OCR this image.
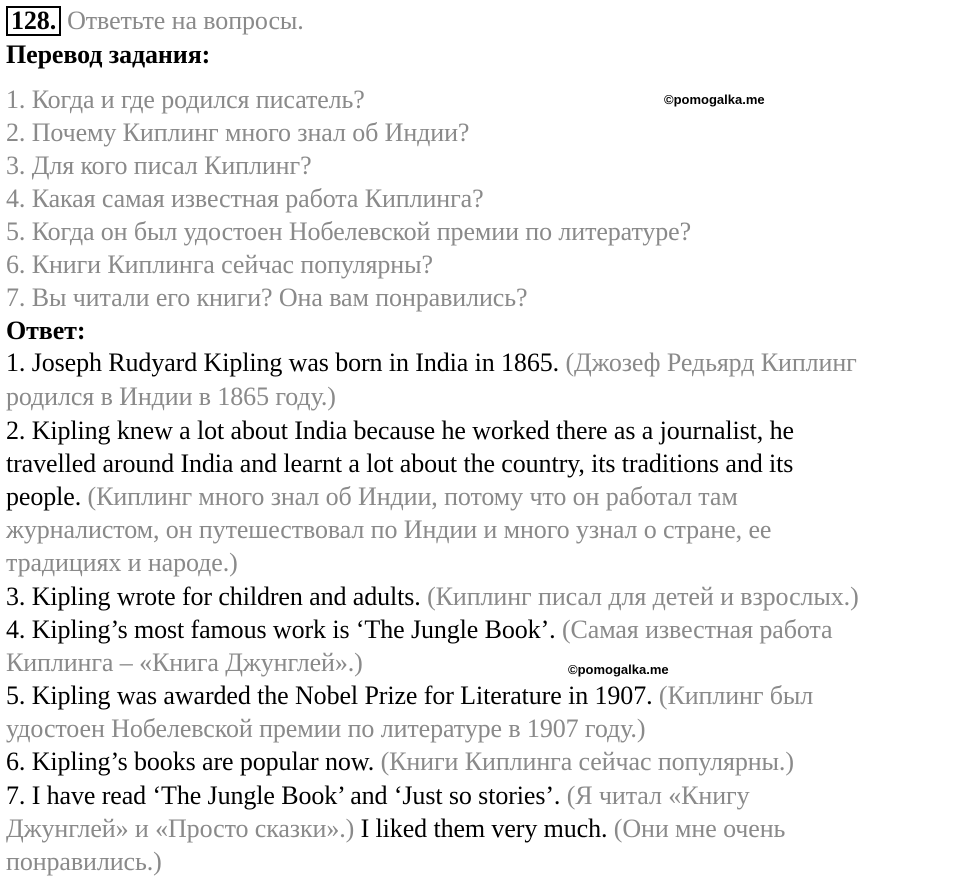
128. Ответьте на вопросы.
Перевод задания:
1. Когда и где родился писатель?
2. Почему Киплинг много знал об Индии?
3. Для кого писал Киплинг?
4. Какая самая известная работа Киплинга?
5. Когда он был удостоен Нобелевской премии по литературе?
6. Книги Киплинга сейчас популярны?
7. Вы читали его книги? Она вам понравились?
Ответ:
1. Joseph Rudyard Kipling was born in India in 1865. (Джозеф Редьярд Киплинг
родился в Индии в 1865 году.)
2. Kipling knew a lot about India because he worked there as a journalist, he
travelled around India and learnt a lot about the country, its traditions and its
people. (Киплинг много знал об Индии, потому что он работал там
журналистом, он путешествовал по Индии и много узнал о стране, ее
традициях и народе.)
3. Kipling wrote for children and adults. (Киплинг писал для детей и взрослых.)
4. Kipling’s most famous work is ‘The Jungle Book’. (Самая известная работа
Киплинга – «Книга Джунглей».)	©pomogalka.me
©pomogalka.me
5. Kipling was awarded the Nobel Prize for Literature in 1907. (Киплинг был
удостоен Нобелевской премии по литературе в 1907 году.)
6. Kipling’s books are popular now. (Книги Киплинга сейчас популярны.)
7. I have read ‘The Jungle Book’ and ‘Just so stories’. (Я читал «Книгу
Джунглей» и «Просто сказки».) I liked them very much. (Они мне очень
понравились.)
